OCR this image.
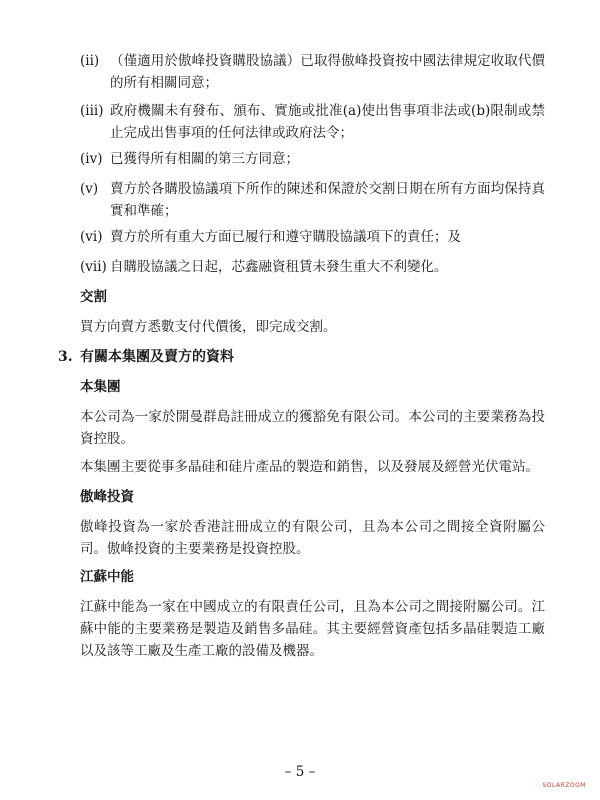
(ii) （僅適用於傲峰投資購股協議）已取得傲峰投資按中國法律規定收取代價的所有相關同意；
(iii) 政府機關未有發布、頒布、實施或批准(a)使出售事項非法或(b)限制或禁止完成出售事項的任何法律或政府法令；
(iv) 已獲得所有相關的第三方同意；
(v) 賣方於各購股協議項下所作的陳述和保證於交割日期在所有方面均保持真實和準確；
(vi) 賣方於所有重大方面已履行和遵守購股協議項下的責任；及
(vii) 自購股協議之日起，芯鑫融資租賃未發生重大不利變化。
交割
買方向賣方悉數支付代價後，即完成交割。
3. 有關本集團及賣方的資料
本集團
本公司為一家於開曼群島註冊成立的獲豁免有限公司。本公司的主要業務為投資控股。
本集團主要從事多晶硅和硅片產品的製造和銷售，以及發展及經營光伏電站。
傲峰投資
傲峰投資為一家於香港註冊成立的有限公司，且為本公司之間接全資附屬公司。傲峰投資的主要業務是投資控股。
江蘇中能
江蘇中能為一家在中國成立的有限責任公司，且為本公司之間接附屬公司。江蘇中能的主要業務是製造及銷售多晶硅。其主要經營資產包括多晶硅製造工廠以及該等工廠及生產工廠的設備及機器。
– 5 –
SOLARZOOM
